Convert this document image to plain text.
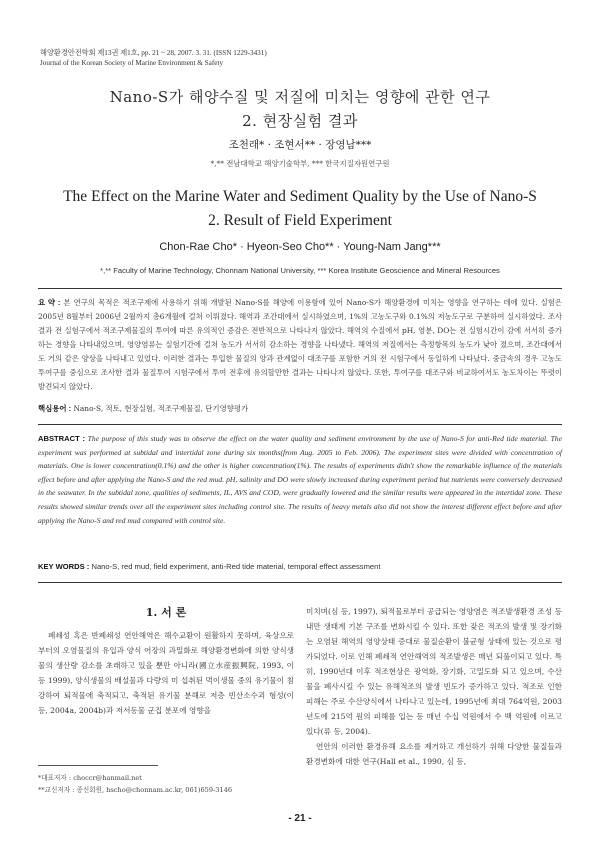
해양환경안전학회 제13권 제1호, pp. 21 ~ 28, 2007. 3. 31. (ISSN 1229-3431)
Journal of the Korean Society of Marine Environment & Safety
Nano-S가 해양수질 및 저질에 미치는 영향에 관한 연구
2. 현장실험 결과
조천래* · 조현서** · 장영남***
*,** 전남대학교 해양기술학부, *** 한국지질자원연구원
The Effect on the Marine Water and Sediment Quality by the Use of Nano-S
2. Result of Field Experiment
Chon-Rae Cho* · Hyeon-Seo Cho** · Young-Nam Jang***
*,** Faculty of Marine Technology, Chonnam National University, *** Korea Institute Geoscience and Mineral Resources
요 약 : 본 연구의 목적은 적조구제에 사용하기 위해 개발된 Nano-S를 해양에 이용함에 있어 Nano-S가 해양환경에 미치는 영향을 연구하는 데에 있다. 실험은 2005년 8월부터 2006년 2월까지 총6개월에 걸쳐 이뤄졌다. 해역과 조간대에서 실시하였으며, 1%의 고농도구와 0.1%의 저농도구로 구분하여 실시하였다. 조사결과 전 실험구에서 적조구제물질의 투여에 따른 유의적인 증감은 전반적으로 나타나지 않았다. 해역의 수질에서 pH, 염분, DO는 전 실험시간이 감에 서서히 증가하는 경향을 나타내었으며, 영양염류는 실험기간에 걸쳐 농도가 서서히 감소하는 경향을 나타냈다. 해역의 저질에서는 측정항목의 농도가 낮아 졌으며, 조간대에서도 거의 같은 양상을 나타내고 있었다. 이러한 결과는 투입한 물질의 양과 관계없이 대조구를 포함한 거의 전 시험구에서 동일하게 나타났다. 중금속의 경우 고농도 투여구를 중심으로 조사한 결과 물질투여 시험구에서 투여 전후에 유의할만한 결과는 나타나지 않았다. 또한, 투여구를 대조구와 비교하여서도 농도차이는 뚜렷이 발견되지 않았다.
핵심용어 : Nano-S, 적토, 현장실험, 적조구제물질, 단기영향평가
ABSTRACT : The purpose of this study was to observe the effect on the water quality and sediment environment by the use of Nano-S for anti-Red tide material. The experiment was performed at subtidal and intertidal zone during six months(from Aug. 2005 to Feb. 2006). The experiment sites were divided with concentration of materials. One is lower concentration(0.1%) and the other is higher concentration(1%). The results of experiments didn't show the remarkable influence of the materials effect before and after applying the Nano-S and the red mud. pH, salinity and DO were slowly increased during experiment period but nutrients were conversely decreased in the seawater. In the subtidal zone, qualities of sediments, IL, AVS and COD, were gradually lowered and the similar results were appeared in the intertidal zone. These results showed similar trends over all the experiment sites including control site. The results of heavy metals also did not show the interest different effect before and after applying the Nano-S and red mud compared with control site.
KEY WORDS : Nano-S, red mud, field experiment, anti-Red tide material, temporal effect assessment
1. 서 론

폐쇄성 혹은 반폐쇄성 연안해역은 해수교환이 원활하지 못하며, 육상으로 부터의 오염물질의 유입과 양식 어장의 과밀화로 해양환경변화에 의한 양식생물의 생산량 감소를 초래하고 있을 뿐만 아니라(國立水産振興院, 1993, 이 등 1999), 양식생물의 배설물과 다량의 미 섭취된 먹이생물 중의 유기물이 침강하여 퇴적물에 축적되고, 축적된 유기물 분해로 저층 빈산소수괴 형성(이 등, 2004a, 2004b)과 저서동물 군집 분포에 영향을

미치며(심 등, 1997), 퇴적물로부터 공급되는 영양염은 적조발생환경 조성 등 내만 생태계 기본 구조를 변화시킬 수 있다. 또한 잦은 적조의 발생 및 장기화는 오염된 해역의 영양상태 증대로 물질순환이 불균형 상태에 있는 것으로 평가되었다. 이로 인해 폐쇄적 연안해역의 적조발생은 매년 되풀이되고 있다. 특히, 1990년대 이후 적조현상은 광역화, 장기화, 고밀도화 되고 있으며, 수산물을 폐사시킬 수 있는 유해적조의 발생 빈도가 증가하고 있다. 적조로 인한 피해는 주로 수산양식에서 나타나고 있는데, 1995년에 최대 764억원, 2003년도에 215억 원의 피해를 입는 등 매년 수십 억원에서 수 백 억원에 이르고 있다(류 등, 2004).

연안의 이러한 환경유해 요소를 제거하고 개선하기 위해 다양한 물질들과 환경변화에 대한 연구(Hall et al., 1990, 심 등,

*대표저자 : choccr@hanmail.net
**교신저자 : 종신회원, hscho@chonnam.ac.kr, 061)659-3146
- 21 -
